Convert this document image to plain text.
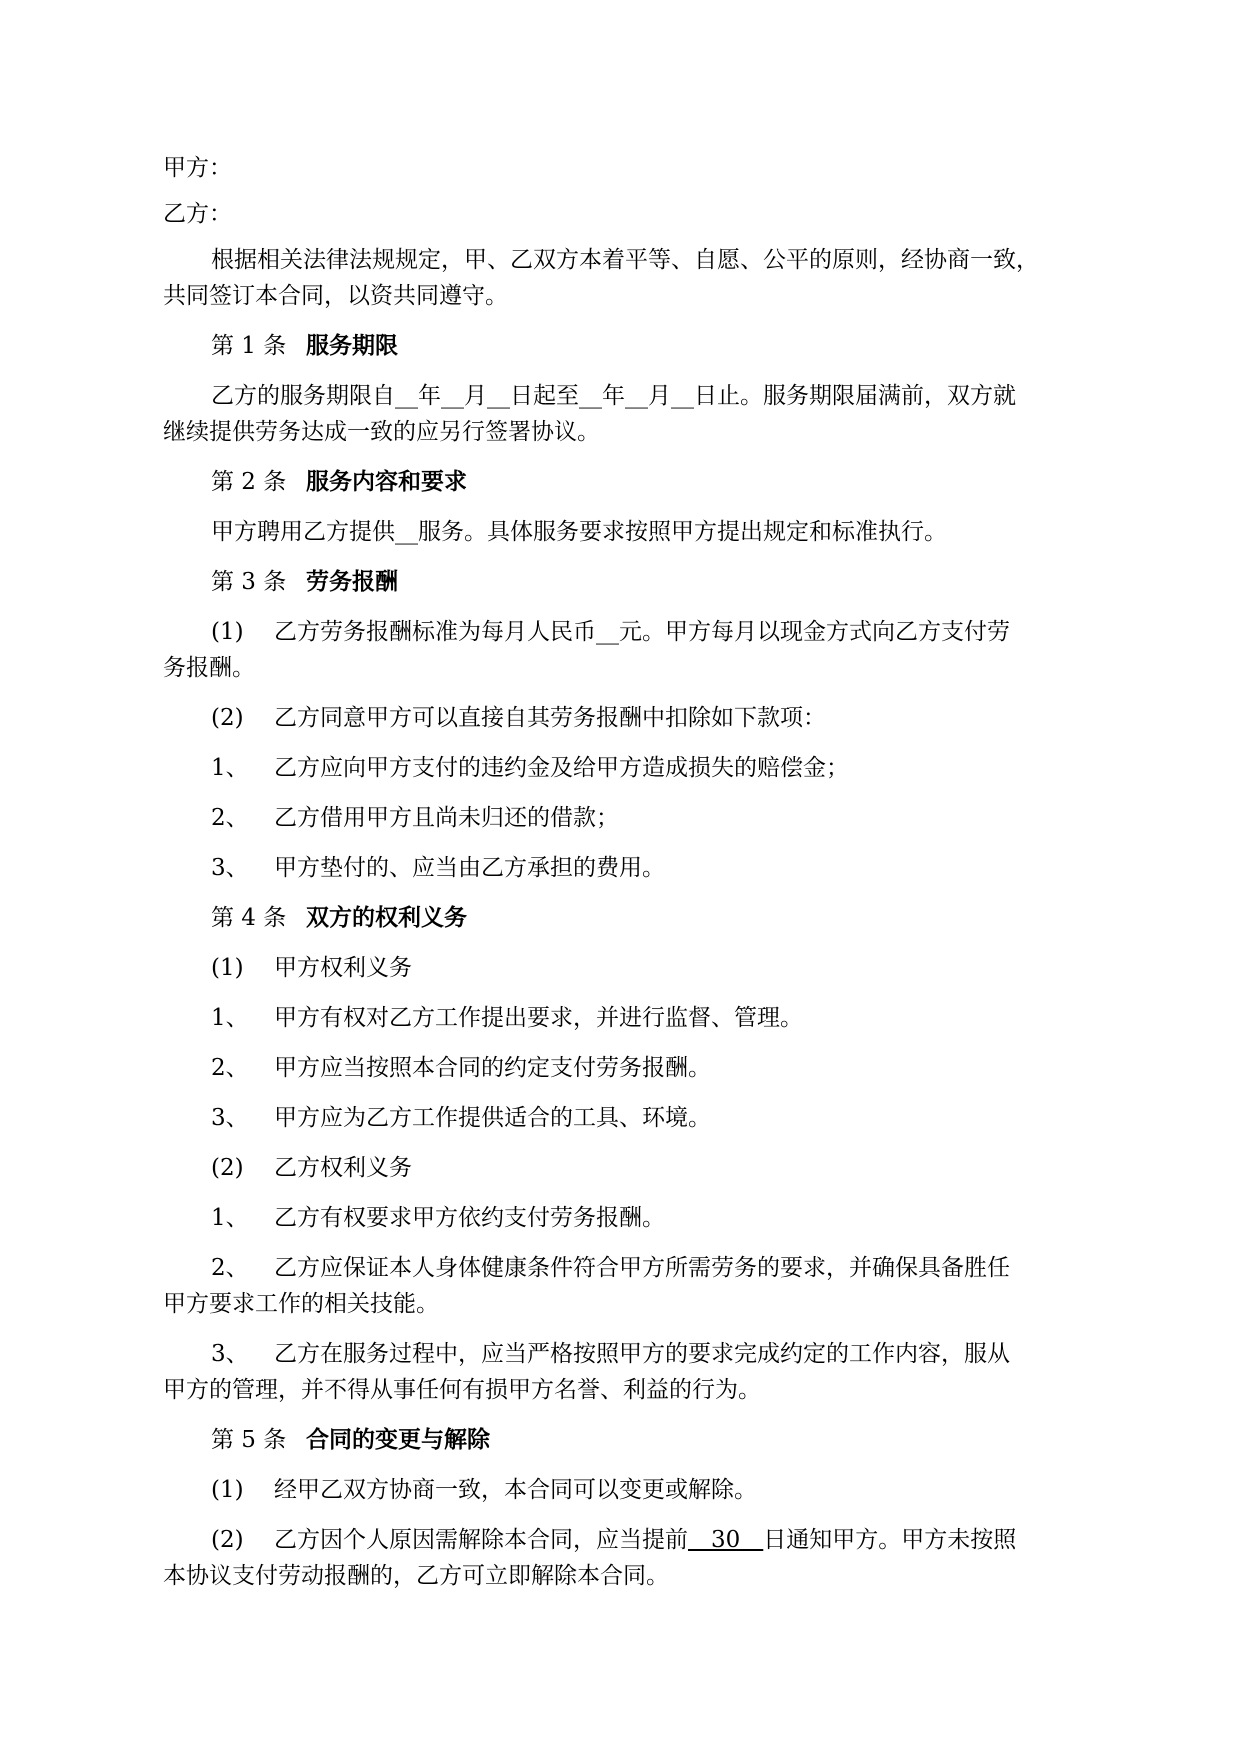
甲方：

乙方：

根据相关法律法规规定，甲、乙双方本着平等、自愿、公平的原则，经协商一致，

共同签订本合同，以资共同遵守。

第 1 条 服务期限

乙方的服务期限自__年__月__日起至__年__月__日止。服务期限届满前，双方就

继续提供劳务达成一致的应另行签署协议。

第 2 条 服务内容和要求

甲方聘用乙方提供__服务。具体服务要求按照甲方提出规定和标准执行。

第 3 条 劳务报酬

(1) 乙方劳务报酬标准为每月人民币__元。甲方每月以现金方式向乙方支付劳

务报酬。

(2) 乙方同意甲方可以直接自其劳务报酬中扣除如下款项：

1、 乙方应向甲方支付的违约金及给甲方造成损失的赔偿金；

2、 乙方借用甲方且尚未归还的借款；

3、 甲方垫付的、应当由乙方承担的费用。

第 4 条 双方的权利义务

(1) 甲方权利义务

1、 甲方有权对乙方工作提出要求，并进行监督、管理。

2、 甲方应当按照本合同的约定支付劳务报酬。

3、 甲方应为乙方工作提供适合的工具、环境。

(2) 乙方权利义务

1、 乙方有权要求甲方依约支付劳务报酬。

2、 乙方应保证本人身体健康条件符合甲方所需劳务的要求，并确保具备胜任

甲方要求工作的相关技能。

3、 乙方在服务过程中，应当严格按照甲方的要求完成约定的工作内容，服从

甲方的管理，并不得从事任何有损甲方名誉、利益的行为。

第 5 条 合同的变更与解除

(1) 经甲乙双方协商一致，本合同可以变更或解除。

(2) 乙方因个人原因需解除本合同，应当提前　30　日通知甲方。甲方未按照

本协议支付劳动报酬的，乙方可立即解除本合同。
